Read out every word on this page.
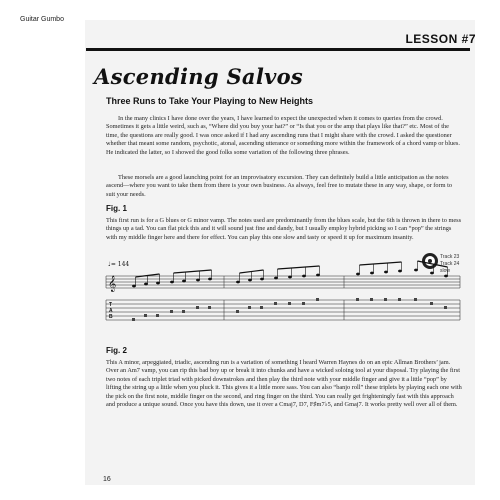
Guitar Gumbo
LESSON #7
Ascending Salvos
Three Runs to Take Your Playing to New Heights

In the many clinics I have done over the years, I have learned to expect the unexpected when it comes to queries from the crowd. Sometimes it gets a little weird, such as, “Where did you buy your hat?” or “Is that you or the amp that plays like that?” etc. Most of the time, the questions are really good. I was once asked if I had any ascending runs that I might share with the crowd. I asked the questioner whether that meant some random, psychotic, atonal, ascending utterance or something more within the framework of a chord vamp or blues. He indicated the latter, so I showed the good folks some variation of the following three phrases.

These morsels are a good launching point for an improvisatory excursion. They can definitely build a little anticipation as the notes ascend—where you want to take them from there is your own business. As always, feel free to mutate these in any way, shape, or form to suit your needs.

Fig. 1

This first run is for a G blues or G minor vamp. The notes used are predominantly from the blues scale, but the 6th is thrown in there to mess things up a tad. You can flat pick this and it will sound just fine and dandy, but I usually employ hybrid picking so I can “pop” the strings with my middle finger here and there for effect. You can play this one slow and tasty or speed it up for maximum insanity.

Track 23
Track 24
slow
♩= 144
𝄞
T
A
B
Fig. 2

This A minor, arpeggiated, triadic, ascending run is a variation of something I heard Warren Haynes do on an epic Allman Brothers’ jam. Over an Am7 vamp, you can rip this bad boy up or break it into chunks and have a wicked soloing tool at your disposal. Try playing the first two notes of each triplet triad with picked downstrokes and then play the third note with your middle finger and give it a little “pop” by lifting the string up a little when you pluck it. This gives it a little more sass. You can also “banjo roll” these triplets by playing each one with the pick on the first note, middle finger on the second, and ring finger on the third. You can really get frighteningly fast with this approach and produce a unique sound. Once you have this down, use it over a Cmaj7, D7, F♯m7♭5, and Gmaj7. It works pretty well over all of them.

16
